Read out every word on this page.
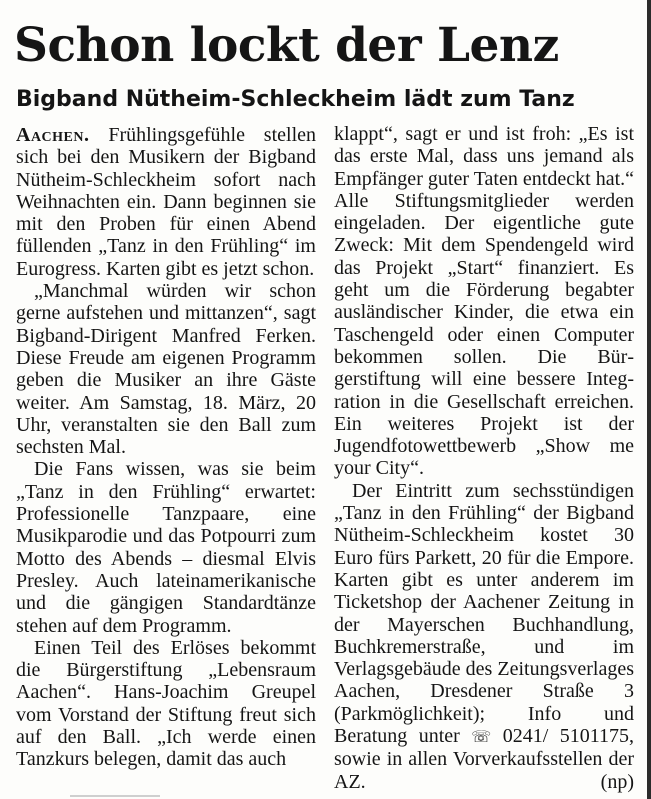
Schon lockt der Lenz
Bigband Nütheim-Schleckheim lädt zum Tanz

Aachen. Frühlingsgefühle stellen sich bei den Musikern der Bigband Nütheim-Schleckheim sofort nach Weihnachten ein. Dann beginnen sie mit den Proben für einen Abend füllenden „Tanz in den Frühling“ im Eurogress. Karten gibt es jetzt schon.

„Manchmal würden wir schon gerne aufstehen und mittanzen“, sagt Bigband-Dirigent Manfred Ferken. Diese Freude am eigenen Programm geben die Musiker an ihre Gäste weiter. Am Samstag, 18. März, 20 Uhr, veranstalten sie den Ball zum sechsten Mal.

Die Fans wissen, was sie beim „Tanz in den Frühling“ erwartet: Professionelle Tanzpaare, eine Musikparodie und das Potpourri zum Motto des Abends – diesmal Elvis Presley. Auch lateinamerikanische und die gängigen Standardtänze stehen auf dem Programm.

Einen Teil des Erlöses bekommt die Bürgerstiftung „Lebensraum Aachen“. Hans-Joachim Greupel vom Vorstand der Stiftung freut sich auf den Ball. „Ich werde einen Tanzkurs belegen, damit das auch

klappt“, sagt er und ist froh: „Es ist das erste Mal, dass uns jemand als Empfänger guter Taten entdeckt hat.“ Alle Stiftungsmitglieder werden eingeladen. Der eigentliche gute Zweck: Mit dem Spendengeld wird das Projekt „Start“ finanziert. Es geht um die Förderung begabter ausländischer Kinder, die etwa ein Taschengeld oder einen Computer bekommen sollen. Die Bürgerstiftung will eine bessere Integration in die Gesellschaft erreichen. Ein weiteres Projekt ist der Jugendfotowettbewerb „Show me your City“.

Der Eintritt zum sechsstündigen „Tanz in den Frühling“ der Bigband Nütheim-Schleckheim kostet 30 Euro fürs Parkett, 20 für die Empore. Karten gibt es unter anderem im Ticketshop der Aachener Zeitung in der Mayerschen Buchhandlung, Buchkremerstraße, und im Verlagsgebäude des Zeitungsverlages Aachen, Dresdener Straße 3 (Parkmöglichkeit); Info und Beratung unter ☏ 0241/ 5101175, sowie in allen Vorverkaufsstellen der AZ.	(np)
